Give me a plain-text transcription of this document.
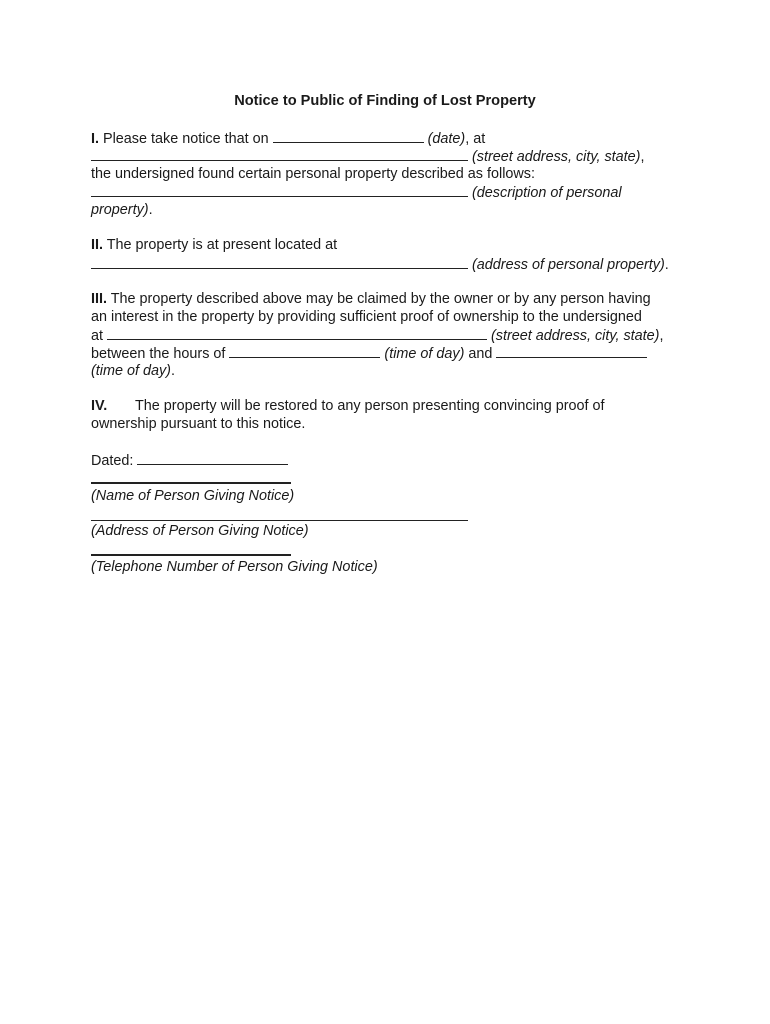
Notice to Public of Finding of Lost Property
I. Please take notice that on	(date), at
(street address, city, state),
the undersigned found certain personal property described as follows:
(description of personal
property).
II. The property is at present located at
(address of personal property).
III. The property described above may be claimed by the owner or by any person having
an interest in the property by providing sufficient proof of ownership to the undersigned
at	(street address, city, state),
between the hours of	(time of day) and
(time of day).
IV. The property will be restored to any person presenting convincing proof of
ownership pursuant to this notice.
Dated:
(Name of Person Giving Notice)
(Address of Person Giving Notice)
(Telephone Number of Person Giving Notice)
